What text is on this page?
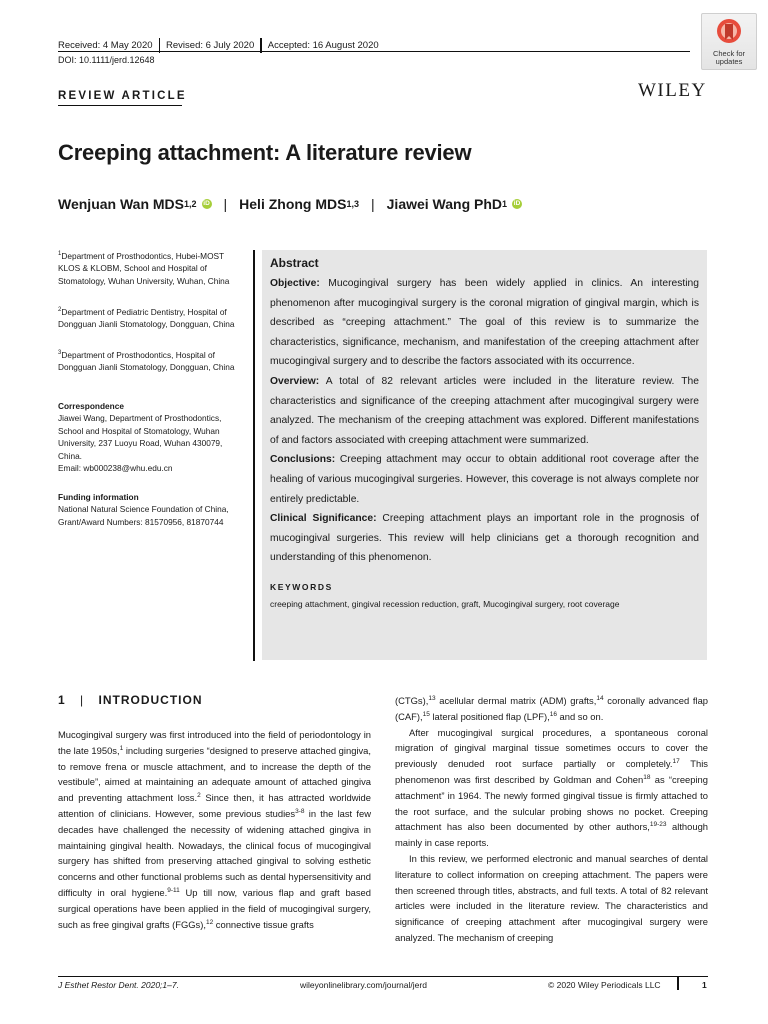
Received: 4 May 2020 Revised: 6 July 2020 Accepted: 16 August 2020
DOI: 10.1111/jerd.12648
Check for
updates
REVIEW ARTICLE	WILEY
Creeping attachment: A literature review
Wenjuan Wan MDS 1,2 iD | Heli Zhong MDS 1,3 | Jiawei Wang PhD 1 iD
$^1$Department of Prosthodontics, Hubei-MOST KLOS & KLOBM, School and Hospital of Stomatology, Wuhan University, Wuhan, China
$^2$Department of Pediatric Dentistry, Hospital of Dongguan Jianli Stomatology, Dongguan, China
$^3$Department of Prosthodontics, Hospital of Dongguan Jianli Stomatology, Dongguan, China
Correspondence
Jiawei Wang, Department of Prosthodontics, School and Hospital of Stomatology, Wuhan University, 237 Luoyu Road, Wuhan 430079, China.
Email: wb000238@whu.edu.cn
Funding information
National Natural Science Foundation of China, Grant/Award Numbers: 81570956, 81870744
Abstract

Objective: Mucogingival surgery has been widely applied in clinics. An interesting phenomenon after mucogingival surgery is the coronal migration of gingival margin, which is described as “creeping attachment.” The goal of this review is to summarize the characteristics, significance, mechanism, and manifestation of the creeping attachment after mucogingival surgery and to describe the factors associated with its occurrence.

Overview: A total of 82 relevant articles were included in the literature review. The characteristics and significance of the creeping attachment after mucogingival surgery were analyzed. The mechanism of the creeping attachment was explored. Different manifestations of and factors associated with creeping attachment were summarized.

Conclusions: Creeping attachment may occur to obtain additional root coverage after the healing of various mucogingival surgeries. However, this coverage is not always complete nor entirely predictable.

Clinical Significance: Creeping attachment plays an important role in the prognosis of mucogingival surgeries. This review will help clinicians get a thorough recognition and understanding of this phenomenon.

KEYWORDS
creeping attachment, gingival recession reduction, graft, Mucogingival surgery, root coverage
1 | INTRODUCTION

Mucogingival surgery was first introduced into the field of periodontology in the late 1950s,$^1$ including surgeries “designed to preserve attached gingiva, to remove frena or muscle attachment, and to increase the depth of the vestibule”, aimed at maintaining an adequate amount of attached gingiva and preventing attachment loss.$^2$ Since then, it has attracted worldwide attention of clinicians. However, some previous studies$^{3-8}$ in the last few decades have challenged the necessity of widening attached gingiva in maintaining gingival health. Nowadays, the clinical focus of mucogingival surgery has shifted from preserving attached gingival to solving esthetic concerns and other functional problems such as dental hypersensitivity and difficulty in oral hygiene.$^{9-11}$ Up till now, various flap and graft based surgical operations have been applied in the field of mucogingival surgery, such as free gingival grafts (FGGs),$^{12}$ connective tissue grafts

(CTGs),$^{13}$ acellular dermal matrix (ADM) grafts,$^{14}$ coronally advanced flap (CAF),$^{15}$ lateral positioned flap (LPF),$^{16}$ and so on.

After mucogingival surgical procedures, a spontaneous coronal migration of gingival marginal tissue sometimes occurs to cover the previously denuded root surface partially or completely.$^{17}$ This phenomenon was first described by Goldman and Cohen$^{18}$ as “creeping attachment” in 1964. The newly formed gingival tissue is firmly attached to the root surface, and the sulcular probing shows no pocket. Creeping attachment has also been documented by other authors,$^{19-23}$ although mainly in case reports.

In this review, we performed electronic and manual searches of dental literature to collect information on creeping attachment. The papers were then screened through titles, abstracts, and full texts. A total of 82 relevant articles were included in the literature review. The characteristics and significance of creeping attachment after mucogingival surgery were analyzed. The mechanism of creeping

J Esthet Restor Dent. 2020;1–7.	wileyonlinelibrary.com/journal/jerd	© 2020 Wiley Periodicals LLC	1
